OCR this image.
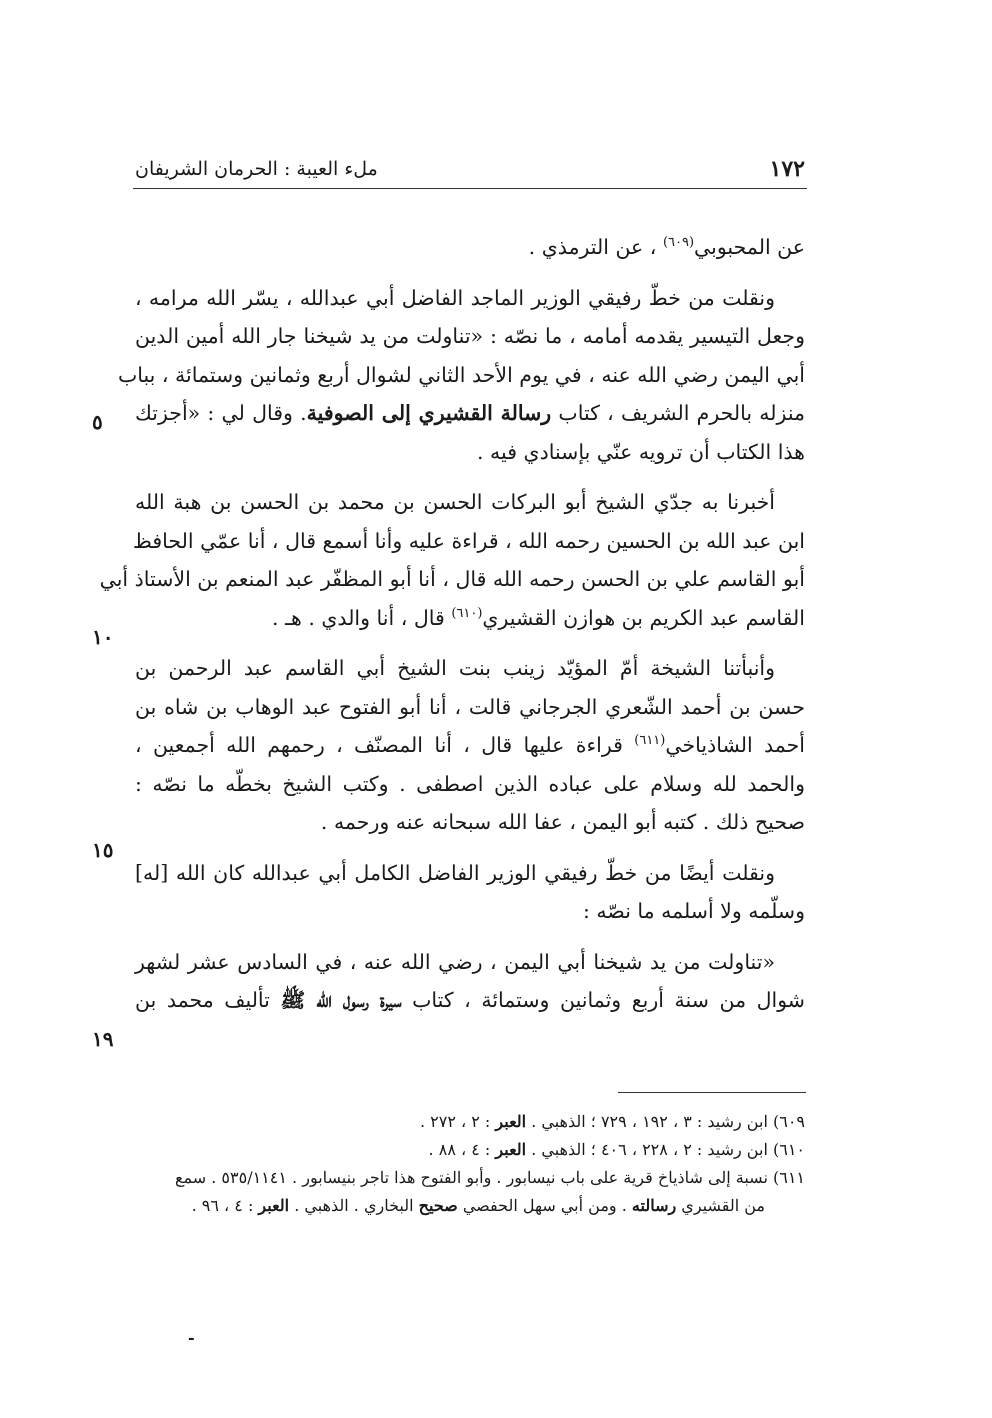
١٧٢
ملء العيبة : الحرمان الشريفان
عن المحبوبي$^{(٦٠٩)}$ ، عن الترمذي .
ونقلت من خطّ رفيقي الوزير الماجد الفاضل أبي عبدالله ، يسّر الله مرامه ،
وجعل التيسير يقدمه أمامه ، ما نصّه : «تناولت من يد شيخنا جار الله أمين الدين
أبي اليمن رضي الله عنه ، في يوم الأحد الثاني لشوال أربع وثمانين وستمائة ، بباب
منزله بالحرم الشريف ، كتاب رسالة القشيري إلى الصوفية. وقال لي : «أجزتك
هذا الكتاب أن ترويه عنّي بإسنادي فيه .
أخبرنا به جدّي الشيخ أبو البركات الحسن بن محمد بن الحسن بن هبة الله
ابن عبد الله بن الحسين رحمه الله ، قراءة عليه وأنا أسمع قال ، أنا عمّي الحافظ
أبو القاسم علي بن الحسن رحمه الله قال ، أنا أبو المظفّر عبد المنعم بن الأستاذ أبي
القاسم عبد الكريم بن هوازن القشيري$^{(٦١٠)}$ قال ، أنا والدي . هـ .
وأنبأتنا الشيخة أمّ المؤيّد زينب بنت الشيخ أبي القاسم عبد الرحمن بن
حسن بن أحمد الشّعري الجرجاني قالت ، أنا أبو الفتوح عبد الوهاب بن شاه بن
أحمد الشاذياخي$^{(٦١١)}$ قراءة عليها قال ، أنا المصنّف ، رحمهم الله أجمعين ،
والحمد لله وسلام على عباده الذين اصطفى . وكتب الشيخ بخطّه ما نصّه :
صحيح ذلك . كتبه أبو اليمن ، عفا الله سبحانه عنه ورحمه .
ونقلت أيضًا من خطّ رفيقي الوزير الفاضل الكامل أبي عبدالله كان الله [له]
وسلّمه ولا أسلمه ما نصّه :
«تناولت من يد شيخنا أبي اليمن ، رضي الله عنه ، في السادس عشر لشهر
شوال من سنة أربع وثمانين وستمائة ، كتاب سيرة رسول الله ﷺ تأليف محمد بن
٥
١٠
١٥
١٩
٦٠٩) ابن رشيد : ٣ ، ١٩٢ ، ٧٢٩ ؛ الذهبي . العبر : ٢ ، ٢٧٢ .
٦١٠) ابن رشيد : ٢ ، ٢٢٨ ، ٤٠٦ ؛ الذهبي . العبر : ٤ ، ٨٨ .
٦١١) نسبة إلى شاذياخ قرية على باب نيسابور . وأبو الفتوح هذا تاجر بنيسابور . ٥٣٥/١١٤١ . سمع
من القشيري رسالته . ومن أبي سهل الحفصي صحيح البخاري . الذهبي . العبر : ٤ ، ٩٦ .
-
